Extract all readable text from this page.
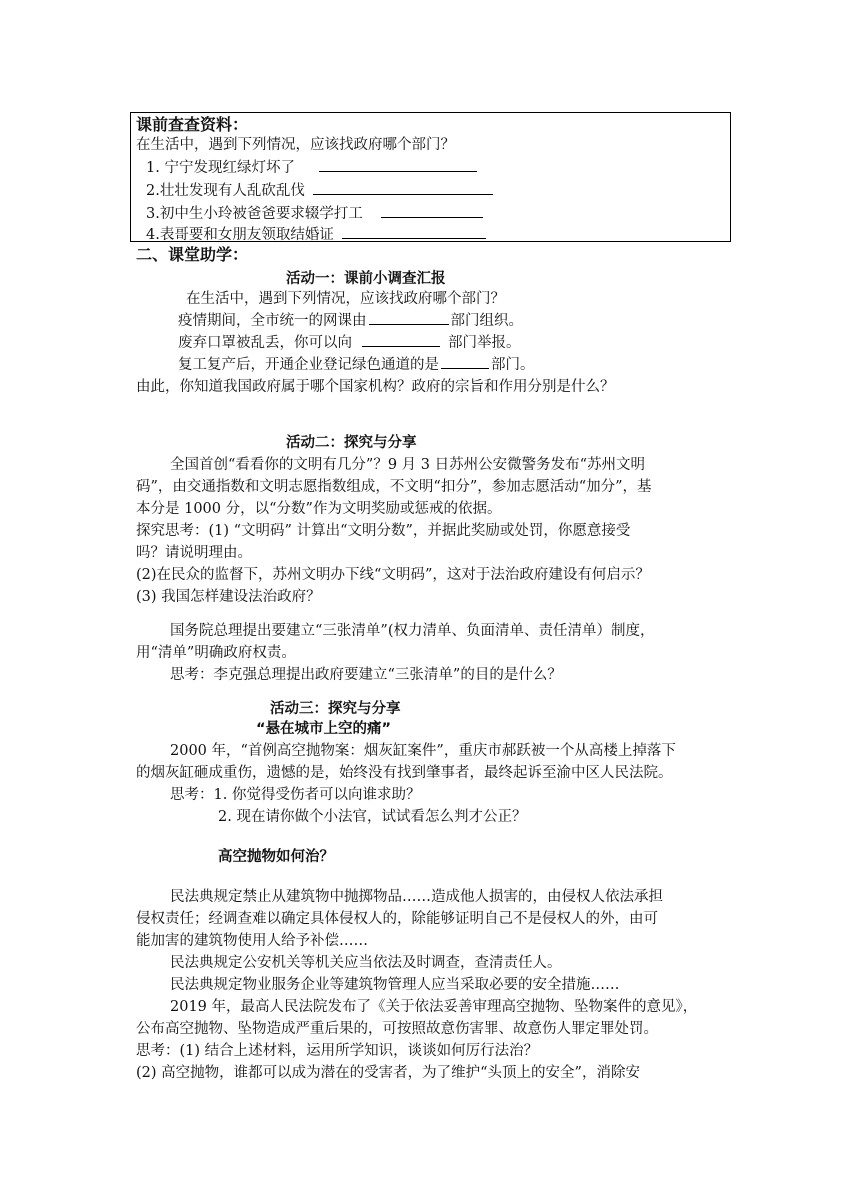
课前查查资料：
在生活中，遇到下列情况，应该找政府哪个部门？
1. 宁宁发现红绿灯坏了
2.壮壮发现有人乱砍乱伐
3.初中生小玲被爸爸要求辍学打工
4.表哥要和女朋友领取结婚证
二、课堂助学：
活动一：课前小调查汇报
在生活中，遇到下列情况，应该找政府哪个部门？
疫情期间，全市统一的网课由	部门组织。
废弃口罩被乱丢，你可以向	部门举报。
复工复产后，开通企业登记绿色通道的是	部门。
由此，你知道我国政府属于哪个国家机构？政府的宗旨和作用分别是什么？
活动二：探究与分享
全国首创“看看你的文明有几分”？9 月 3 日苏州公安微警务发布“苏州文明
码”，由交通指数和文明志愿指数组成，不文明“扣分”，参加志愿活动“加分”，基
本分是 1000 分，以“分数”作为文明奖励或惩戒的依据。
探究思考：(1) “文明码” 计算出“文明分数”，并据此奖励或处罚，你愿意接受
吗？请说明理由。
(2)在民众的监督下，苏州文明办下线“文明码”，这对于法治政府建设有何启示？
(3) 我国怎样建设法治政府？
国务院总理提出要建立“三张清单”(权力清单、负面清单、责任清单）制度，
用“清单”明确政府权责。
思考：李克强总理提出政府要建立“三张清单”的目的是什么？
活动三：探究与分享
“悬在城市上空的痛”
2000 年，“首例高空抛物案：烟灰缸案件”，重庆市郝跃被一个从高楼上掉落下
的烟灰缸砸成重伤，遗憾的是，始终没有找到肇事者，最终起诉至渝中区人民法院。
思考：1. 你觉得受伤者可以向谁求助？
2. 现在请你做个小法官，试试看怎么判才公正？
高空抛物如何治？
民法典规定禁止从建筑物中抛掷物品……造成他人损害的，由侵权人依法承担
侵权责任；经调查难以确定具体侵权人的，除能够证明自己不是侵权人的外，由可
能加害的建筑物使用人给予补偿……
民法典规定公安机关等机关应当依法及时调查，查清责任人。
民法典规定物业服务企业等建筑物管理人应当采取必要的安全措施……
2019 年，最高人民法院发布了《关于依法妥善审理高空抛物、坠物案件的意见》，
公布高空抛物、坠物造成严重后果的，可按照故意伤害罪、故意伤人罪定罪处罚。
思考：(1) 结合上述材料，运用所学知识，谈谈如何厉行法治？
(2) 高空抛物，谁都可以成为潜在的受害者，为了维护“头顶上的安全”，消除安
